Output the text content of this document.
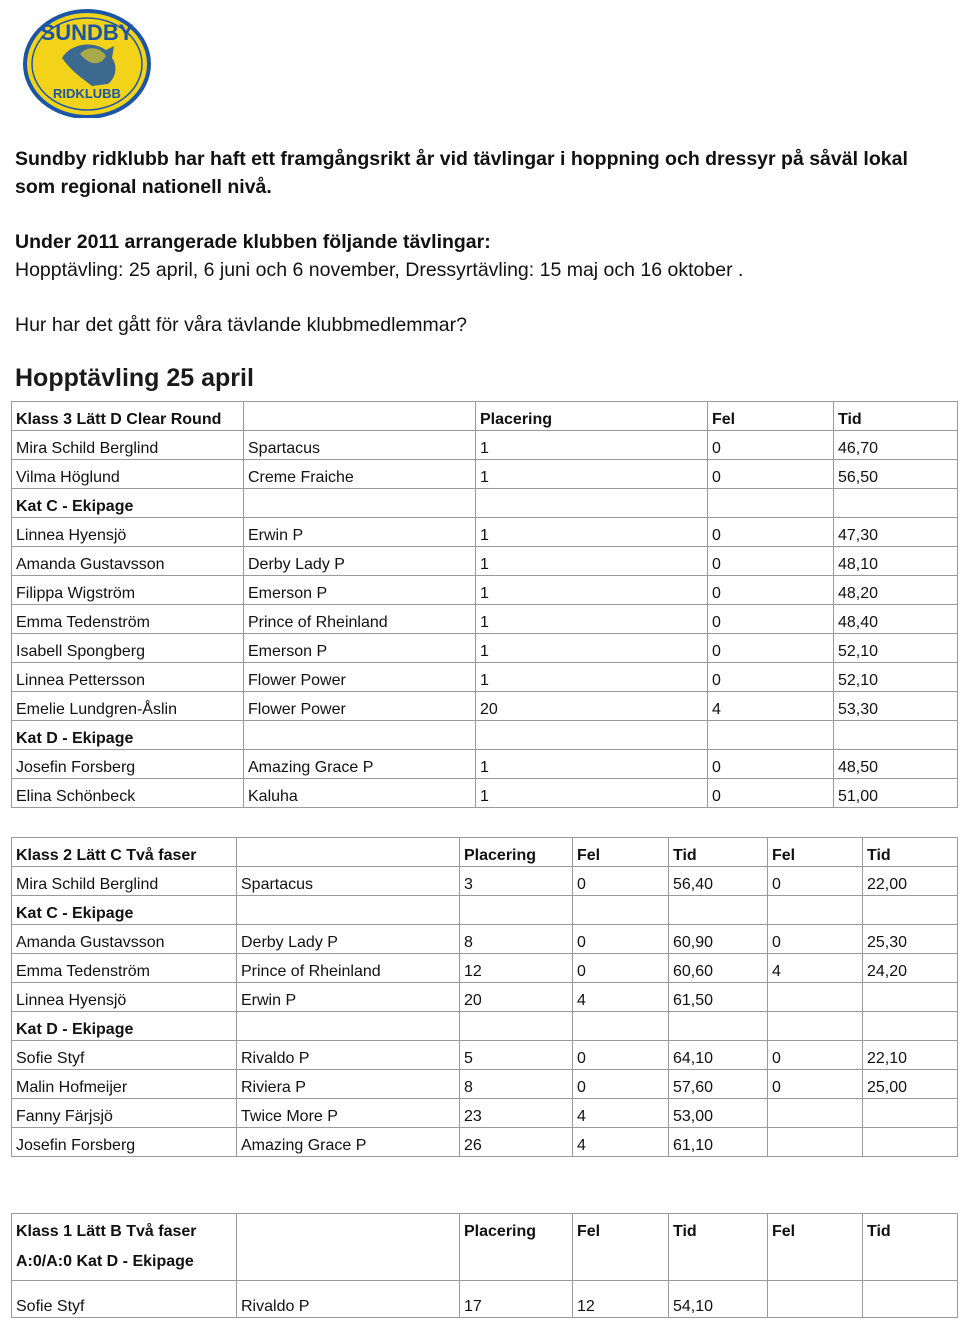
SUNDBY
RIDKLUBB

Sundby ridklubb har haft ett framgångsrikt år vid tävlingar i hoppning och dressyr på såväl lokal som regional nationell nivå.

Under 2011 arrangerade klubben följande tävlingar:

Hopptävling: 25 april, 6 juni och 6 november, Dressyrtävling: 15 maj och 16 oktober .

Hur har det gått för våra tävlande klubbmedlemmar?

Hopptävling 25 april
Klass 3 Lätt D Clear Round		Placering	Fel	Tid
Mira Schild Berglind	Spartacus	1	0	46,70
Vilma Höglund	Creme Fraiche	1	0	56,50
Kat C - Ekipage				
Linnea Hyensjö	Erwin P	1	0	47,30
Amanda Gustavsson	Derby Lady P	1	0	48,10
Filippa Wigström	Emerson P	1	0	48,20
Emma Tedenström	Prince of Rheinland	1	0	48,40
Isabell Spongberg	Emerson P	1	0	52,10
Linnea Pettersson	Flower Power	1	0	52,10
Emelie Lundgren-Åslin	Flower Power	20	4	53,30
Kat D - Ekipage				
Josefin Forsberg	Amazing Grace P	1	0	48,50
Elina Schönbeck	Kaluha	1	0	51,00
Klass 2 Lätt C Två faser		Placering	Fel	Tid	Fel	Tid
Mira Schild Berglind	Spartacus	3	0	56,40	0	22,00
Kat C - Ekipage						
Amanda Gustavsson	Derby Lady P	8	0	60,90	0	25,30
Emma Tedenström	Prince of Rheinland	12	0	60,60	4	24,20
Linnea Hyensjö	Erwin P	20	4	61,50		
Kat D - Ekipage						
Sofie Styf	Rivaldo P	5	0	64,10	0	22,10
Malin Hofmeijer	Riviera P	8	0	57,60	0	25,00
Fanny Färjsjö	Twice More P	23	4	53,00		
Josefin Forsberg	Amazing Grace P	26	4	61,10		
Klass 1 Lätt B Två faser
A:0/A:0 Kat D - Ekipage		Placering	Fel	Tid	Fel	Tid
Sofie Styf	Rivaldo P	17	12	54,10		
